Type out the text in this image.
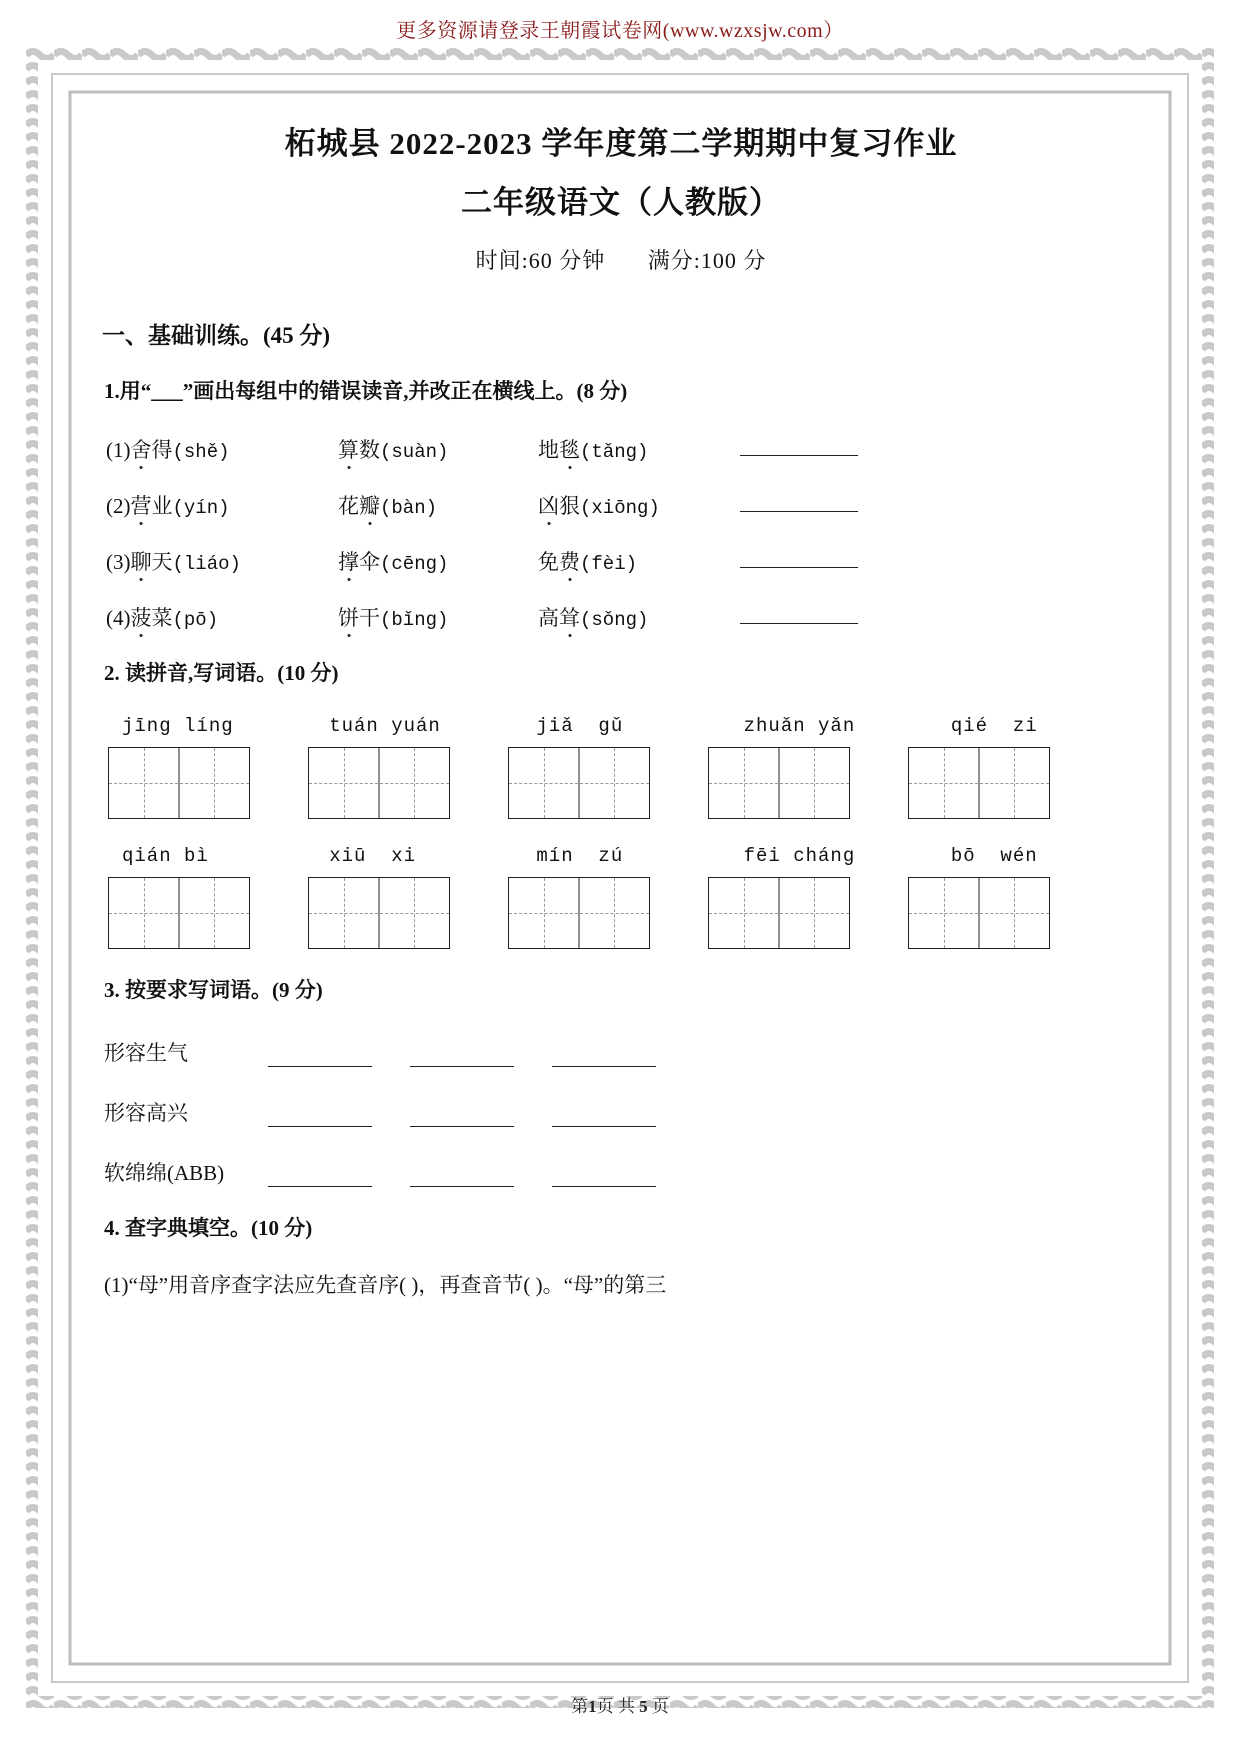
更多资源请登录王朝霞试卷网(www.wzxsjw.com）
柘城县 2022-2023 学年度第二学期期中复习作业
二年级语文（人教版）
时间:60 分钟 满分:100 分
一、基础训练。(45 分)
1.用“___”画出每组中的错误读音,并改正在横线上。(8 分)
(1)舍得(shě)	算数(suàn)	地毯(tǎng)
(2)营业(yín)	花瓣(bàn)	凶狠(xiōng)
(3)聊天(liáo)	撑伞(cēng)	免费(fèi)
(4)菠菜(pō)	饼干(bǐng)	高耸(sǒng)
2. 读拼音,写词语。(10 分)
jīng líng	tuán yuán	jiǎ  gǔ	zhuǎn yǎn	qié  zi
qián bì	xiū  xi	mín  zú	fēi cháng	bō  wén
3. 按要求写词语。(9 分)
形容生气
形容高兴
软绵绵(ABB)
4. 查字典填空。(10 分)
(1)“母”用音序查字法应先查音序( )，再查音节( )。“母”的第三
第1页 共 5 页
